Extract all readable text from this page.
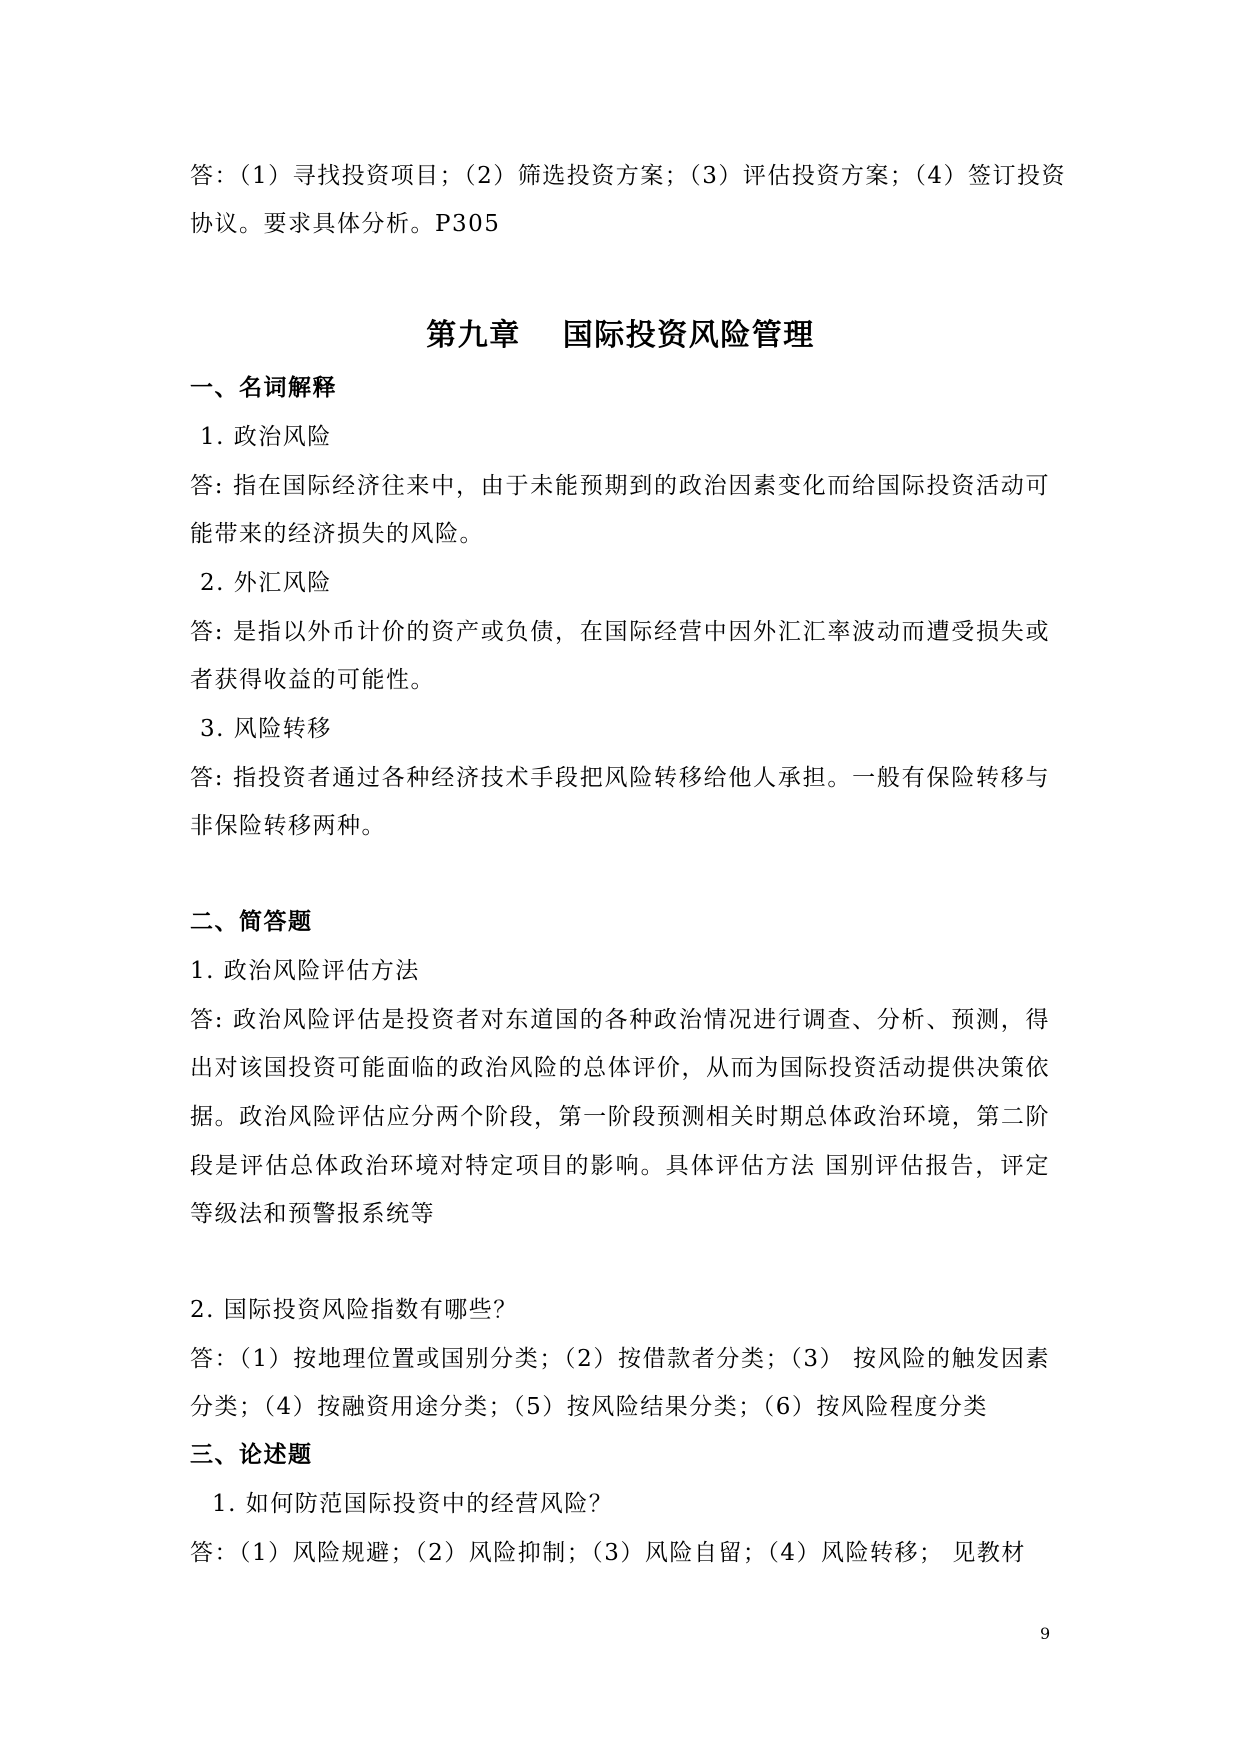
答：（1）寻找投资项目；（2）筛选投资方案；（3）评估投资方案；（4）签订投资
协议。要求具体分析。P305
第九章 国际投资风险管理
一、名词解释
1. 政治风险
答: 指在国际经济往来中，由于未能预期到的政治因素变化而给国际投资活动可
能带来的经济损失的风险。
2. 外汇风险
答: 是指以外币计价的资产或负债，在国际经营中因外汇汇率波动而遭受损失或
者获得收益的可能性。
3. 风险转移
答: 指投资者通过各种经济技术手段把风险转移给他人承担。一般有保险转移与
非保险转移两种。
二、简答题
1. 政治风险评估方法
答: 政治风险评估是投资者对东道国的各种政治情况进行调查、分析、预测，得
出对该国投资可能面临的政治风险的总体评价，从而为国际投资活动提供决策依
据。政治风险评估应分两个阶段，第一阶段预测相关时期总体政治环境，第二阶
段是评估总体政治环境对特定项目的影响。具体评估方法 国别评估报告，评定
等级法和预警报系统等
2. 国际投资风险指数有哪些？
答：（1）按地理位置或国别分类；（2）按借款者分类；（3） 按风险的触发因素
分类；（4）按融资用途分类；（5）按风险结果分类；（6）按风险程度分类
三、论述题
1. 如何防范国际投资中的经营风险？
答：（1）风险规避；（2）风险抑制；（3）风险自留；（4）风险转移； 见教材
9
